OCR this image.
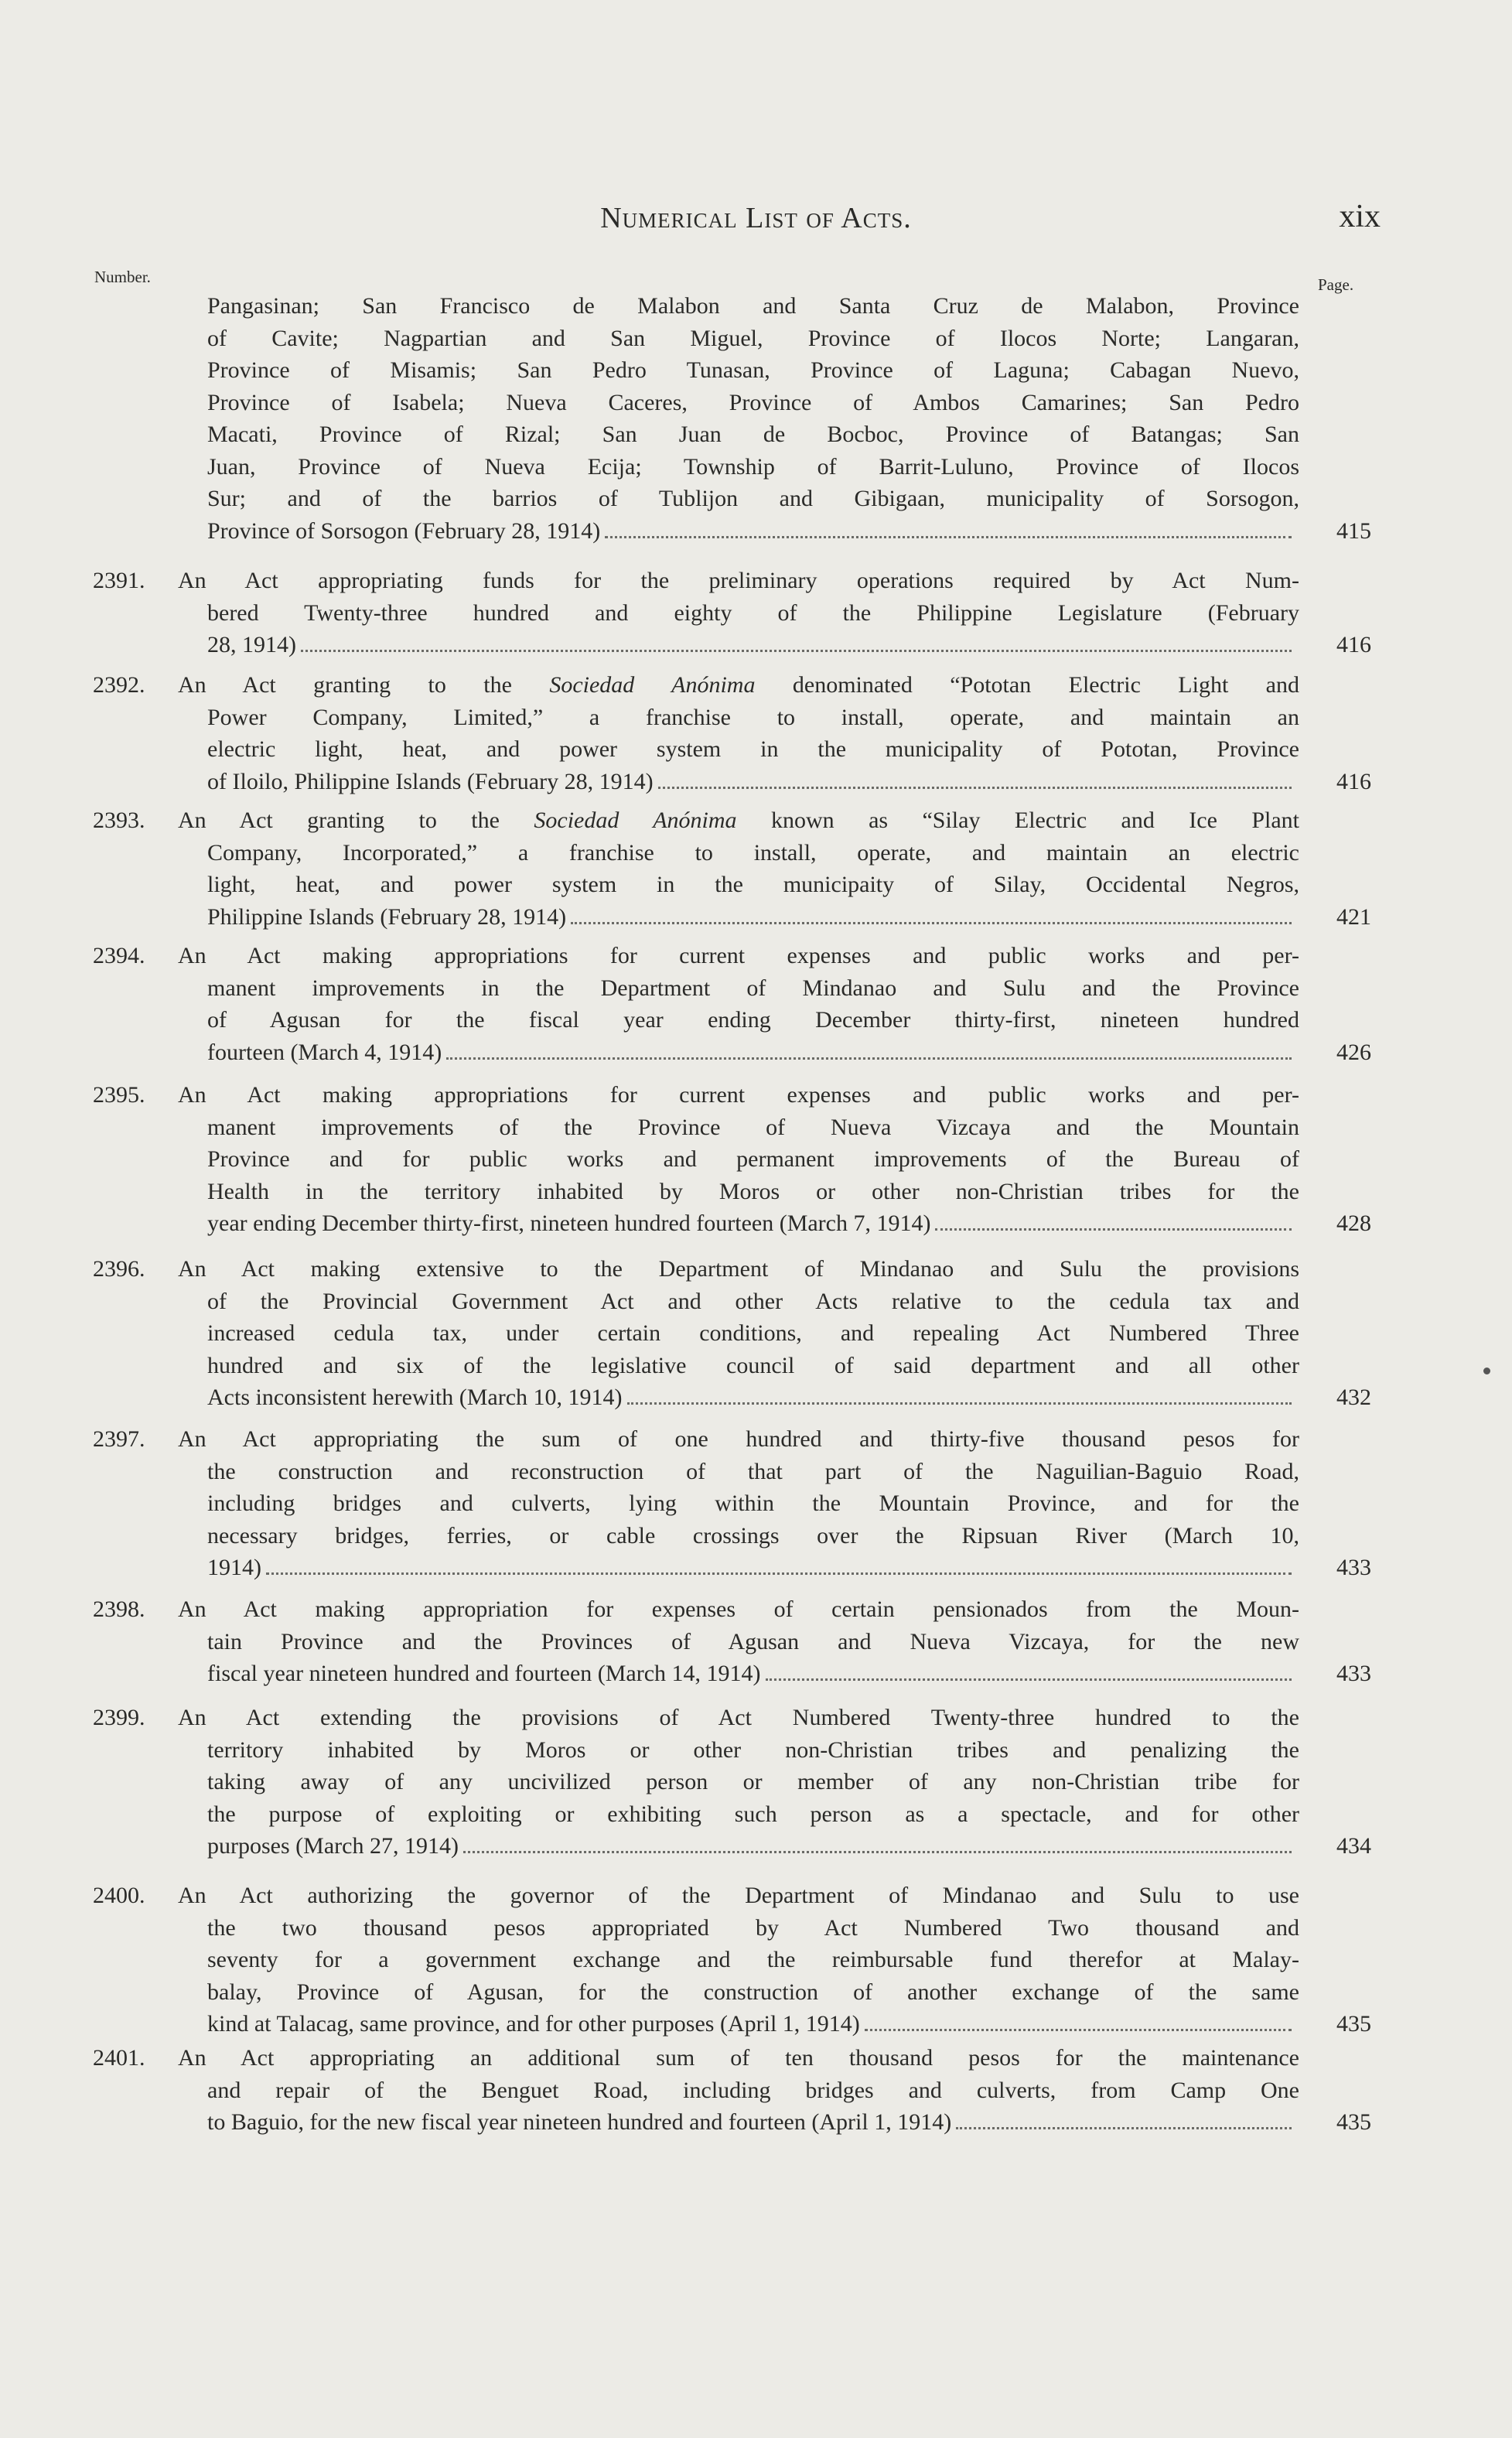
Numerical List of Acts.	xix
Number.	Page.
Pangasinan; San Francisco de Malabon and Santa Cruz de Malabon, Province
of Cavite; Nagpartian and San Miguel, Province of Ilocos Norte; Langaran,
Province of Misamis; San Pedro Tunasan, Province of Laguna; Cabagan Nuevo,
Province of Isabela; Nueva Caceres, Province of Ambos Camarines; San Pedro
Macati, Province of Rizal; San Juan de Bocboc, Province of Batangas; San
Juan, Province of Nueva Ecija; Township of Barrit-Luluno, Province of Ilocos
Sur; and of the barrios of Tublijon and Gibigaan, municipality of Sorsogon,
Province of Sorsogon (February 28, 1914)	415
2391. An Act appropriating funds for the preliminary operations required by Act Num-
bered Twenty-three hundred and eighty of the Philippine Legislature (February
28, 1914)	416
2392. An Act granting to the Sociedad Anónima denominated “Pototan Electric Light and
Power Company, Limited,” a franchise to install, operate, and maintain an
electric light, heat, and power system in the municipality of Pototan, Province
of Iloilo, Philippine Islands (February 28, 1914)	416
2393. An Act granting to the Sociedad Anónima known as “Silay Electric and Ice Plant
Company, Incorporated,” a franchise to install, operate, and maintain an electric
light, heat, and power system in the municipaity of Silay, Occidental Negros,
Philippine Islands (February 28, 1914)	421
2394. An Act making appropriations for current expenses and public works and per-
manent improvements in the Department of Mindanao and Sulu and the Province
of Agusan for the fiscal year ending December thirty-first, nineteen hundred
fourteen (March 4, 1914)	426
2395. An Act making appropriations for current expenses and public works and per-
manent improvements of the Province of Nueva Vizcaya and the Mountain
Province and for public works and permanent improvements of the Bureau of
Health in the territory inhabited by Moros or other non-Christian tribes for the
year ending December thirty-first, nineteen hundred fourteen (March 7, 1914)	428
2396. An Act making extensive to the Department of Mindanao and Sulu the provisions
of the Provincial Government Act and other Acts relative to the cedula tax and
increased cedula tax, under certain conditions, and repealing Act Numbered Three
hundred and six of the legislative council of said department and all other
Acts inconsistent herewith (March 10, 1914)	432
2397. An Act appropriating the sum of one hundred and thirty-five thousand pesos for
the construction and reconstruction of that part of the Naguilian-Baguio Road,
including bridges and culverts, lying within the Mountain Province, and for the
necessary bridges, ferries, or cable crossings over the Ripsuan River (March 10,
1914)	433
2398. An Act making appropriation for expenses of certain pensionados from the Moun-
tain Province and the Provinces of Agusan and Nueva Vizcaya, for the new
fiscal year nineteen hundred and fourteen (March 14, 1914)	433
2399. An Act extending the provisions of Act Numbered Twenty-three hundred to the
territory inhabited by Moros or other non-Christian tribes and penalizing the
taking away of any uncivilized person or member of any non-Christian tribe for
the purpose of exploiting or exhibiting such person as a spectacle, and for other
purposes (March 27, 1914)	434
2400. An Act authorizing the governor of the Department of Mindanao and Sulu to use
the two thousand pesos appropriated by Act Numbered Two thousand and
seventy for a government exchange and the reimbursable fund therefor at Malay-
balay, Province of Agusan, for the construction of another exchange of the same
kind at Talacag, same province, and for other purposes (April 1, 1914)	435
2401. An Act appropriating an additional sum of ten thousand pesos for the maintenance
and repair of the Benguet Road, including bridges and culverts, from Camp One
to Baguio, for the new fiscal year nineteen hundred and fourteen (April 1, 1914)	435
